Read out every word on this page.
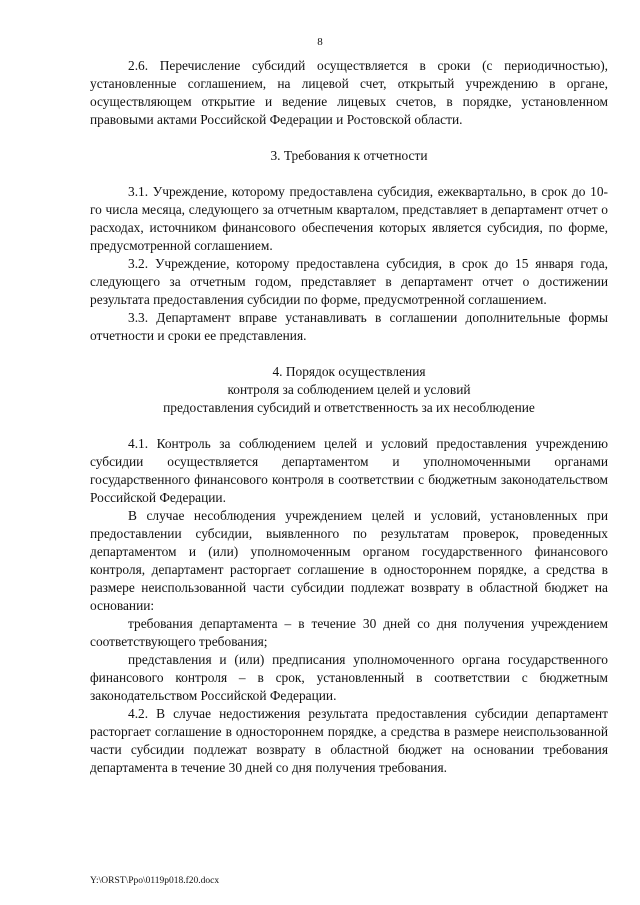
8

2.6. Перечисление субсидий осуществляется в сроки (с периодичностью), установленные соглашением, на лицевой счет, открытый учреждению в органе, осуществляющем открытие и ведение лицевых счетов, в порядке, установленном правовыми актами Российской Федерации и Ростовской области.

3. Требования к отчетности

3.1. Учреждение, которому предоставлена субсидия, ежеквартально, в срок до 10-го числа месяца, следующего за отчетным кварталом, представляет в департамент отчет о расходах, источником финансового обеспечения которых является субсидия, по форме, предусмотренной соглашением.

3.2. Учреждение, которому предоставлена субсидия, в срок до 15 января года, следующего за отчетным годом, представляет в департамент отчет о достижении результата предоставления субсидии по форме, предусмотренной соглашением.

3.3. Департамент вправе устанавливать в соглашении дополнительные формы отчетности и сроки ее представления.

4. Порядок осуществления

контроля за соблюдением целей и условий

предоставления субсидий и ответственность за их несоблюдение

4.1. Контроль за соблюдением целей и условий предоставления учреждению субсидии осуществляется департаментом и уполномоченными органами государственного финансового контроля в соответствии с бюджетным законодательством Российской Федерации.

В случае несоблюдения учреждением целей и условий, установленных при предоставлении субсидии, выявленного по результатам проверок, проведенных департаментом и (или) уполномоченным органом государственного финансового контроля, департамент расторгает соглашение в одностороннем порядке, а средства в размере неиспользованной части субсидии подлежат возврату в областной бюджет на основании:

требования департамента – в течение 30 дней со дня получения учреждением соответствующего требования;

представления и (или) предписания уполномоченного органа государственного финансового контроля – в срок, установленный в соответствии с бюджетным законодательством Российской Федерации.

4.2. В случае недостижения результата предоставления субсидии департамент расторгает соглашение в одностороннем порядке, а средства в размере неиспользованной части субсидии подлежат возврату в областной бюджет на основании требования департамента в течение 30 дней со дня получения требования.

Y:\ORST\Ppo\0119p018.f20.docx
